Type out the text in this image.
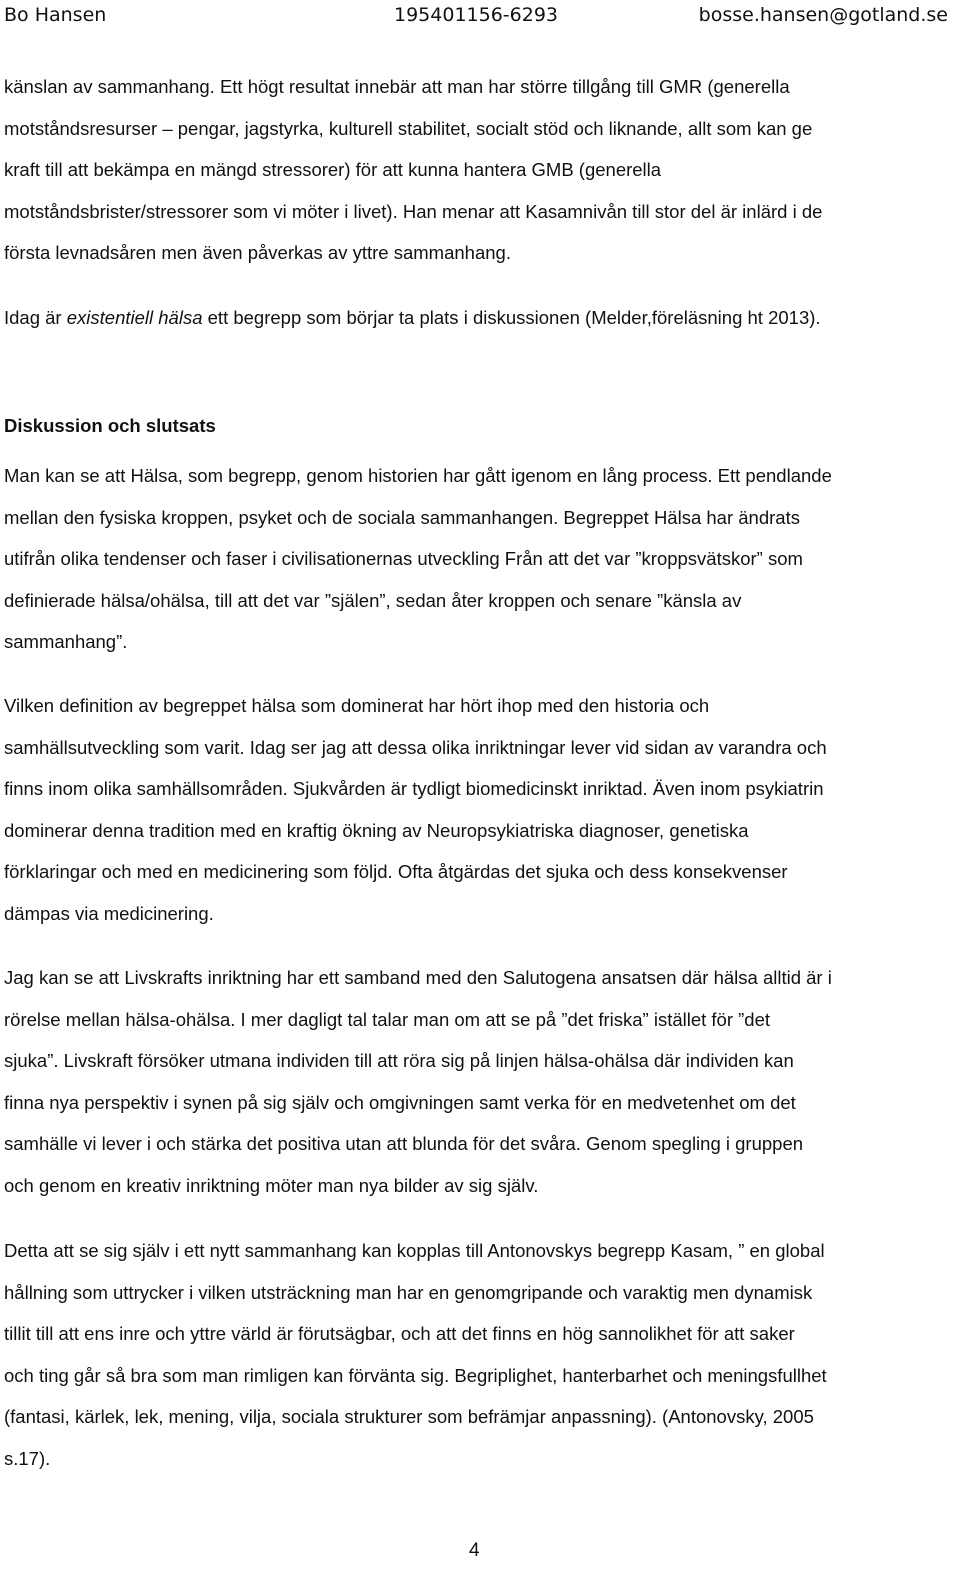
Bo Hansen	195401156-6293	bosse.hansen@gotland.se
känslan av sammanhang. Ett högt resultat innebär att man har större tillgång till GMR (generella
motståndsresurser – pengar, jagstyrka, kulturell stabilitet, socialt stöd och liknande, allt som kan ge
kraft till att bekämpa en mängd stressorer) för att kunna hantera GMB (generella
motståndsbrister/stressorer som vi möter i livet). Han menar att Kasamnivån till stor del är inlärd i de
första levnadsåren men även påverkas av yttre sammanhang.
Idag är existentiell hälsa ett begrepp som börjar ta plats i diskussionen (Melder,föreläsning ht 2013).
Diskussion och slutsats
Man kan se att Hälsa, som begrepp, genom historien har gått igenom en lång process. Ett pendlande
mellan den fysiska kroppen, psyket och de sociala sammanhangen. Begreppet Hälsa har ändrats
utifrån olika tendenser och faser i civilisationernas utveckling Från att det var ”kroppsvätskor” som
definierade hälsa/ohälsa, till att det var ”själen”, sedan åter kroppen och senare ”känsla av
sammanhang”.
Vilken definition av begreppet hälsa som dominerat har hört ihop med den historia och
samhällsutveckling som varit. Idag ser jag att dessa olika inriktningar lever vid sidan av varandra och
finns inom olika samhällsområden. Sjukvården är tydligt biomedicinskt inriktad. Även inom psykiatrin
dominerar denna tradition med en kraftig ökning av Neuropsykiatriska diagnoser, genetiska
förklaringar och med en medicinering som följd. Ofta åtgärdas det sjuka och dess konsekvenser
dämpas via medicinering.
Jag kan se att Livskrafts inriktning har ett samband med den Salutogena ansatsen där hälsa alltid är i
rörelse mellan hälsa-ohälsa. I mer dagligt tal talar man om att se på ”det friska” istället för ”det
sjuka”. Livskraft försöker utmana individen till att röra sig på linjen hälsa-ohälsa där individen kan
finna nya perspektiv i synen på sig själv och omgivningen samt verka för en medvetenhet om det
samhälle vi lever i och stärka det positiva utan att blunda för det svåra. Genom spegling i gruppen
och genom en kreativ inriktning möter man nya bilder av sig själv.
Detta att se sig själv i ett nytt sammanhang kan kopplas till Antonovskys begrepp Kasam, ” en global
hållning som uttrycker i vilken utsträckning man har en genomgripande och varaktig men dynamisk
tillit till att ens inre och yttre värld är förutsägbar, och att det finns en hög sannolikhet för att saker
och ting går så bra som man rimligen kan förvänta sig. Begriplighet, hanterbarhet och meningsfullhet
(fantasi, kärlek, lek, mening, vilja, sociala strukturer som befrämjar anpassning). (Antonovsky, 2005
s.17).
4
